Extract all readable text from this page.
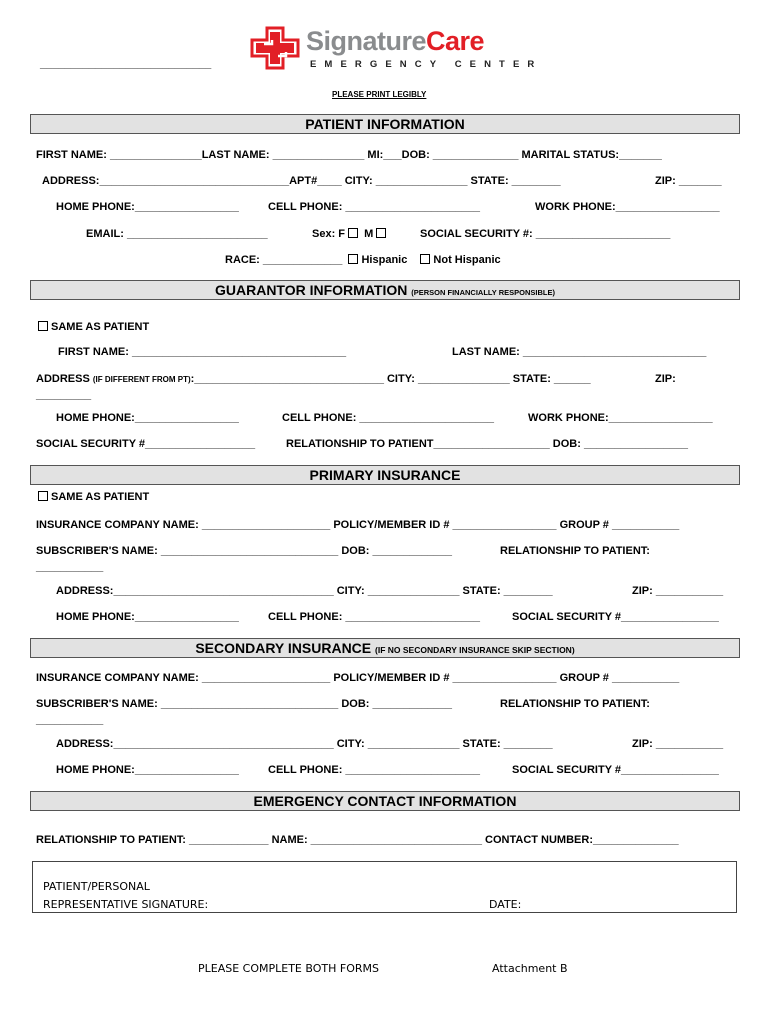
____________________________
SignatureCare
EMERGENCY CENTER
PLEASE PRINT LEGIBLY
PATIENT INFORMATION
FIRST NAME: _______________LAST NAME: _______________ MI:___DOB: ______________ MARITAL STATUS:_______
ADDRESS:_______________________________APT#____ CITY: _______________ STATE: ________	ZIP: _______
HOME PHONE:_________________	CELL PHONE: ______________________	WORK PHONE:_________________
EMAIL: _______________________	Sex: F M	SOCIAL SECURITY #: ______________________
RACE: _____________ Hispanic Not Hispanic
GUARANTOR INFORMATION (PERSON FINANCIALLY RESPONSIBLE)
SAME AS PATIENT
FIRST NAME: ___________________________________	LAST NAME: ______________________________
ADDRESS (IF DIFFERENT FROM PT):_______________________________ CITY: _______________ STATE: ______	ZIP:
_________
HOME PHONE:_________________	CELL PHONE: ______________________	WORK PHONE:_________________
SOCIAL SECURITY #__________________	RELATIONSHIP TO PATIENT___________________ DOB: _________________
PRIMARY INSURANCE
SAME AS PATIENT
INSURANCE COMPANY NAME: _____________________ POLICY/MEMBER ID # _________________ GROUP # ___________
SUBSCRIBER'S NAME: _____________________________ DOB: _____________	RELATIONSHIP TO PATIENT:
___________
ADDRESS:____________________________________ CITY: _______________ STATE: ________	ZIP: ___________
HOME PHONE:_________________	CELL PHONE: ______________________	SOCIAL SECURITY #________________
SECONDARY INSURANCE (IF NO SECONDARY INSURANCE SKIP SECTION)
INSURANCE COMPANY NAME: _____________________ POLICY/MEMBER ID # _________________ GROUP # ___________
SUBSCRIBER'S NAME: _____________________________ DOB: _____________	RELATIONSHIP TO PATIENT:
___________
ADDRESS:____________________________________ CITY: _______________ STATE: ________	ZIP: ___________
HOME PHONE:_________________	CELL PHONE: ______________________	SOCIAL SECURITY #________________
EMERGENCY CONTACT INFORMATION
RELATIONSHIP TO PATIENT: _____________ NAME: ____________________________ CONTACT NUMBER:______________
PATIENT/PERSONAL
REPRESENTATIVE SIGNATURE:	DATE:
PLEASE COMPLETE BOTH FORMS	Attachment B
